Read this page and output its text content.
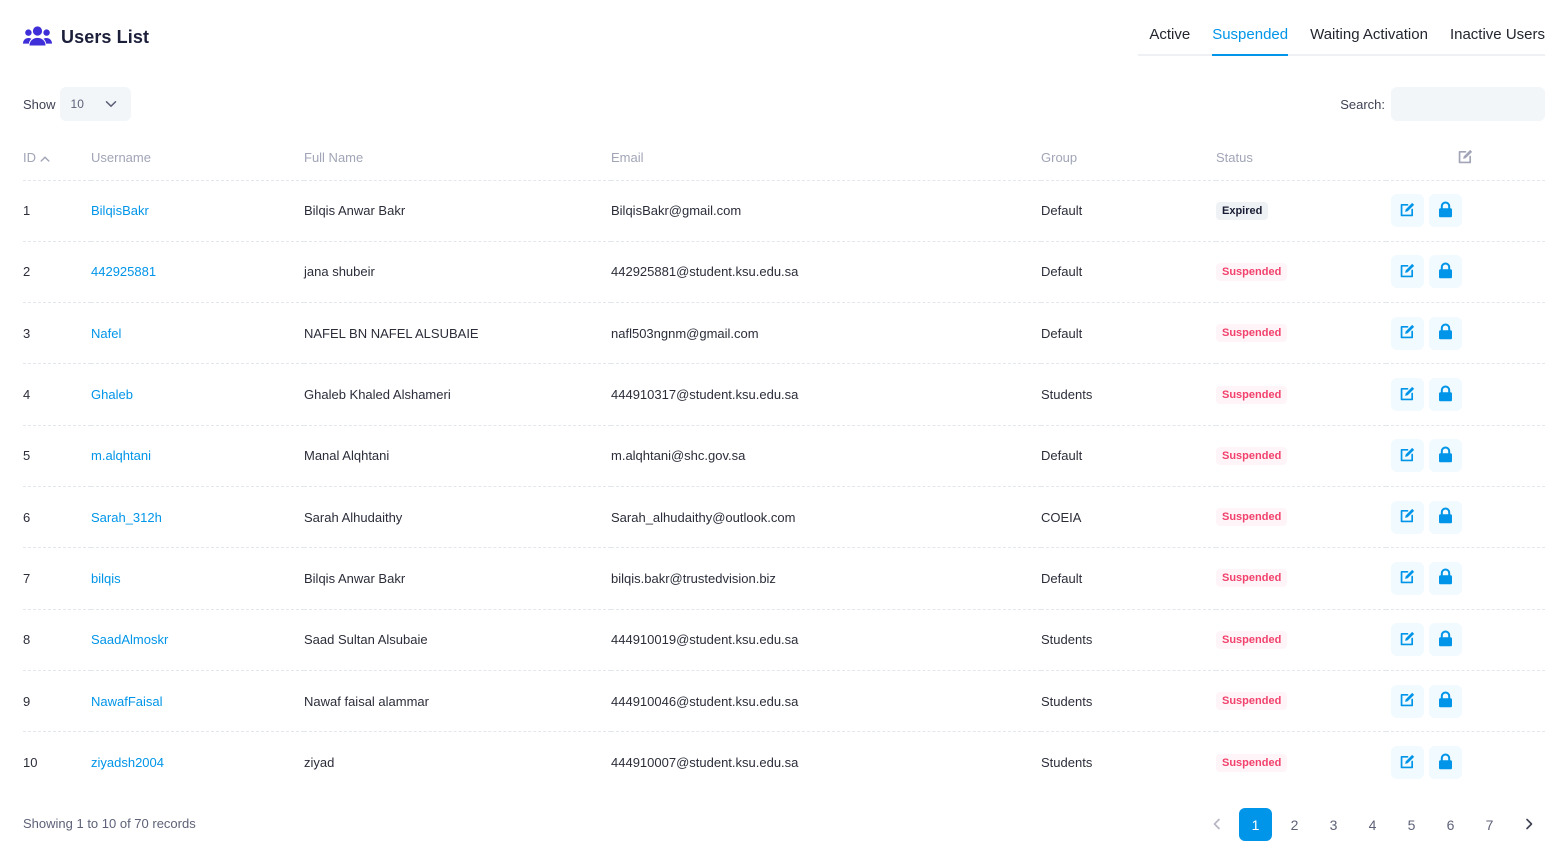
Users List	Active	Suspended	Waiting Activation	Inactive Users
Show 10	Search:
ID	Username	Full Name	Email	Group	Status	
1	BilqisBakr	Bilqis Anwar Bakr	BilqisBakr@gmail.com	Default	Expired	

2	442925881	jana shubeir	442925881@student.ksu.edu.sa	Default	Suspended	

3	Nafel	NAFEL BN NAFEL ALSUBAIE	nafl503ngnm@gmail.com	Default	Suspended	

4	Ghaleb	Ghaleb Khaled Alshameri	444910317@student.ksu.edu.sa	Students	Suspended	

5	m.alqhtani	Manal Alqhtani	m.alqhtani@shc.gov.sa	Default	Suspended	

6	Sarah_312h	Sarah Alhudaithy	Sarah_alhudaithy@outlook.com	COEIA	Suspended	

7	bilqis	Bilqis Anwar Bakr	bilqis.bakr@trustedvision.biz	Default	Suspended	

8	SaadAlmoskr	Saad Sultan Alsubaie	444910019@student.ksu.edu.sa	Students	Suspended	

9	NawafFaisal	Nawaf faisal alammar	444910046@student.ksu.edu.sa	Students	Suspended	

10	ziyadsh2004	ziyad	444910007@student.ksu.edu.sa	Students	Suspended	
Showing 1 to 10 of 70 records	1	2	3	4	5	6	7
